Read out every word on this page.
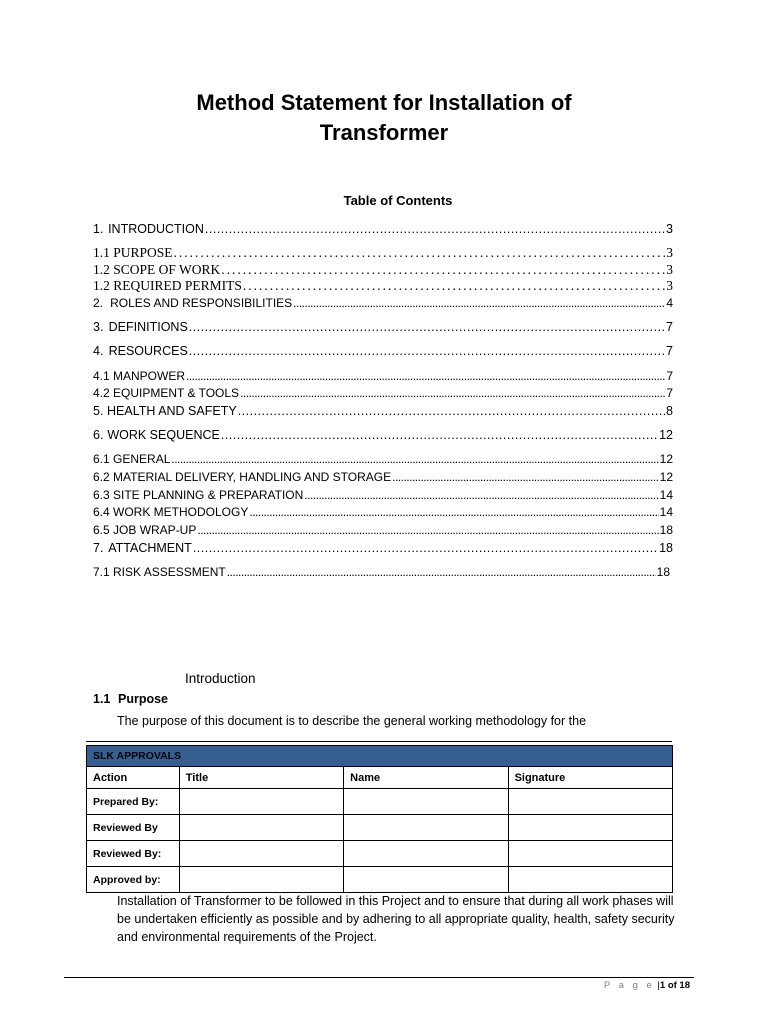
Method Statement for Installation of
Transformer
Table of Contents
1. INTRODUCTION .....	3
1.1 PURPOSE .....	3
1.2 SCOPE OF WORK .....	3
1.2 REQUIRED PERMITS .....	3
2. ROLES AND RESPONSIBILITIES .....	4
3. DEFINITIONS .....	7
4. RESOURCES .....	7
4.1 MANPOWER .....	7
4.2 EQUIPMENT & TOOLS .....	7
5. HEALTH AND SAFETY .....	8
6. WORK SEQUENCE .....	12
6.1 GENERAL .....	12
6.2 MATERIAL DELIVERY, HANDLING AND STORAGE .....	12
6.3 SITE PLANNING & PREPARATION .....	14
6.4 WORK METHODOLOGY .....	14
6.5 JOB WRAP-UP .....	18
7. ATTACHMENT .....	18
7.1 RISK ASSESSMENT .....	18
Introduction
1.1 Purpose
The purpose of this document is to describe the general working methodology for the
SLK APPROVALS			
Action	Title	Name	Signature
Prepared By:			
Reviewed By			
Reviewed By:			
Approved by:			
Installation of Transformer to be followed in this Project and to ensure that during all work phases will be undertaken efficiently as possible and by adhering to all appropriate quality, health, safety security and environmental requirements of the Project.
P a g e |1 of 18
